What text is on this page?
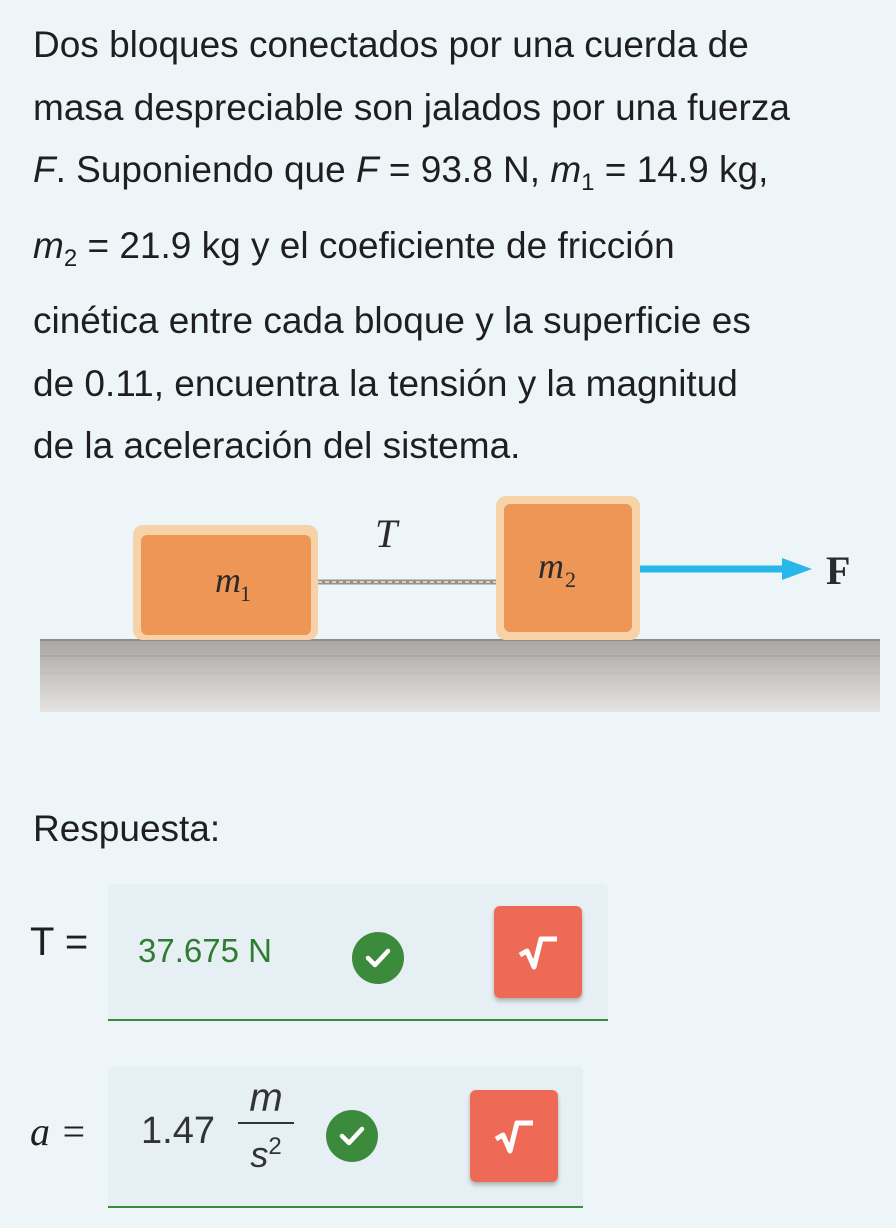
Dos bloques conectados por una cuerda de
masa despreciable son jalados por una fuerza
F. Suponiendo que F = 93.8 N, $m_1 = 14.9$ kg,
$m_2 = 21.9$ kg y el coeficiente de fricción
cinética entre cada bloque y la superficie es
de 0.11, encuentra la tensión y la magnitud
de la aceleración del sistema.
m 1
T
m 2	F
Respuesta:
T = 37.675 N
a = 1.47
m
$s^2$
